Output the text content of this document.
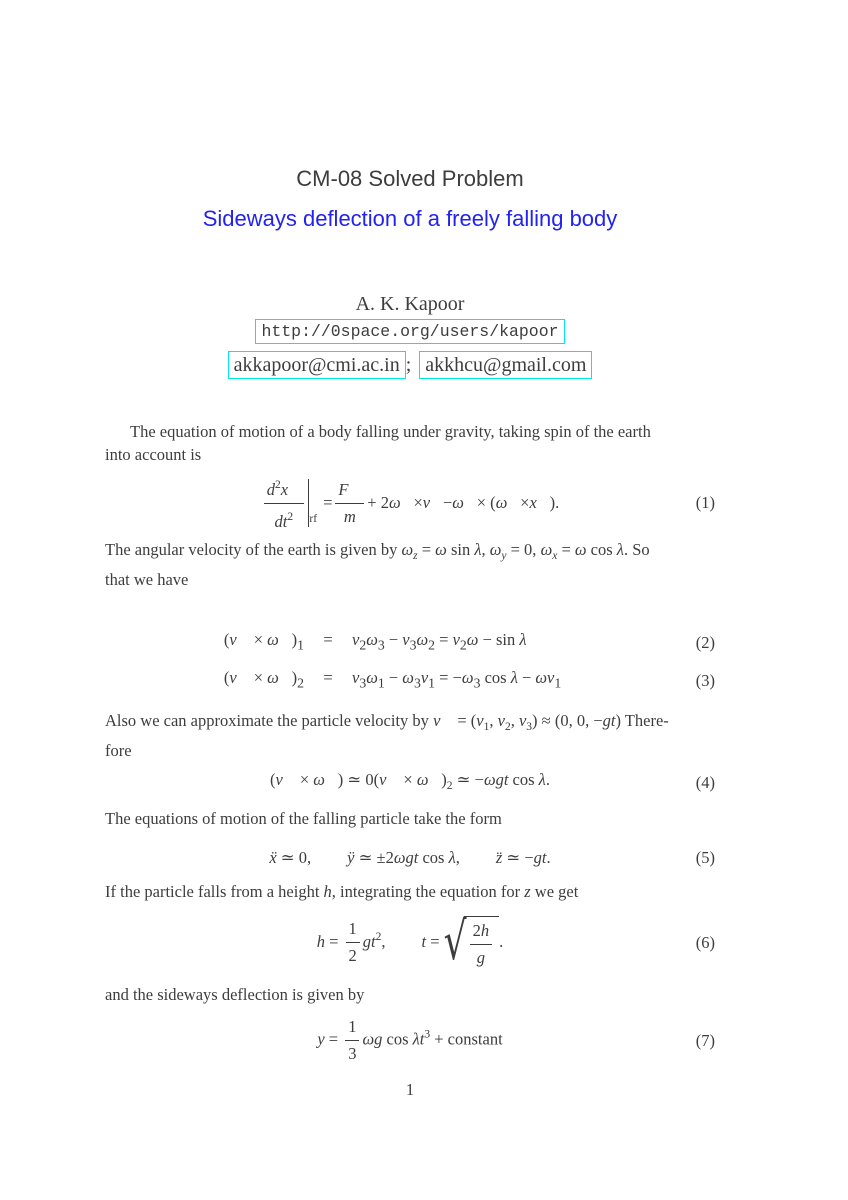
CM-08 Solved Problem
Sideways deflection of a freely falling body
A. K. Kapoor
http://0space.org/users/kapoor
akkapoor@cmi.ac.in ; akkhcu@gmail.com
The equation of motion of a body falling under gravity, taking spin of the earth
into account is
$\frac{d^2x⃗}{dt^2}$ rf
= $\frac{F⃗}{m} + 2$ ω⃗ × v⃗ − ω⃗ × ( ω⃗ × x⃗ ).	(1)
The angular velocity of the earth is given by $\omega_z = \omega$ sin λ, $\omega_y = 0$, $\omega_x = \omega$ cos λ. So
that we have
(v⃗ × $\omega⃗)_1$	=	$v_2\omega_3 - v_3\omega_2 = v_2\omega - \sin \lambda$	(2)
(v⃗ × $\omega⃗)_2$	=	$v_3\omega_1 - \omega_3v_1 = -\omega_3$ $\cos \lambda - \omega v_1$	(3)
Also we can approximate the particle velocity by v⃗ = ($v_1$, $v_2$, $v_3) \approx (0$, 0, −gt) There-
fore
(v⃗ × ω⃗) ≃ 0(v⃗ × $\omega⃗)_2$ ≃ −ωgt cos λ.	(4)
The equations of motion of the falling particle take the form
ẍ ≃ 0, ÿ ≃ ±2ωgt cos λ, z̈ ≃ −gt.	(5)
If the particle falls from a height h, integrating the equation for z we get
$h = \frac{1}{2} gt^2$, t = √ $\frac{2h}{g}$ .	(6)
and the sideways deflection is given by
$y = \frac{1}{3}$ ωg $\cos \lambda t^3$ + constant	(7)
1
